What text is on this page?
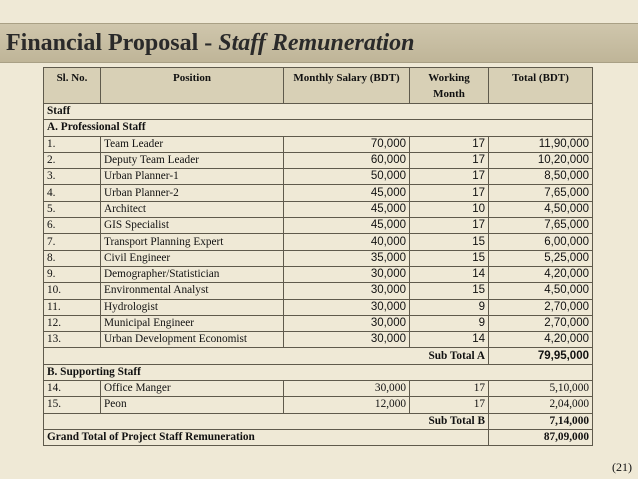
Financial Proposal - Staff Remuneration
Sl. No.	Position	Monthly Salary (BDT)	Working Month	Total (BDT)
Staff				
A. Professional Staff				
1.	Team Leader	70,000	17	11,90,000
2.	Deputy Team Leader	60,000	17	10,20,000
3.	Urban Planner-1	50,000	17	8,50,000
4.	Urban Planner-2	45,000	17	7,65,000
5.	Architect	45,000	10	4,50,000
6.	GIS Specialist	45,000	17	7,65,000
7.	Transport Planning Expert	40,000	15	6,00,000
8.	Civil Engineer	35,000	15	5,25,000
9.	Demographer/Statistician	30,000	14	4,20,000
10.	Environmental Analyst	30,000	15	4,50,000
11.	Hydrologist	30,000	9	2,70,000
12.	Municipal Engineer	30,000	9	2,70,000
13.	Urban Development Economist	30,000	14	4,20,000
Sub Total A				79,95,000
B. Supporting Staff				
14.	Office Manger	30,000	17	5,10,000
15.	Peon	12,000	17	2,04,000
Sub Total B				7,14,000
Grand Total of Project Staff Remuneration				87,09,000
(21)
